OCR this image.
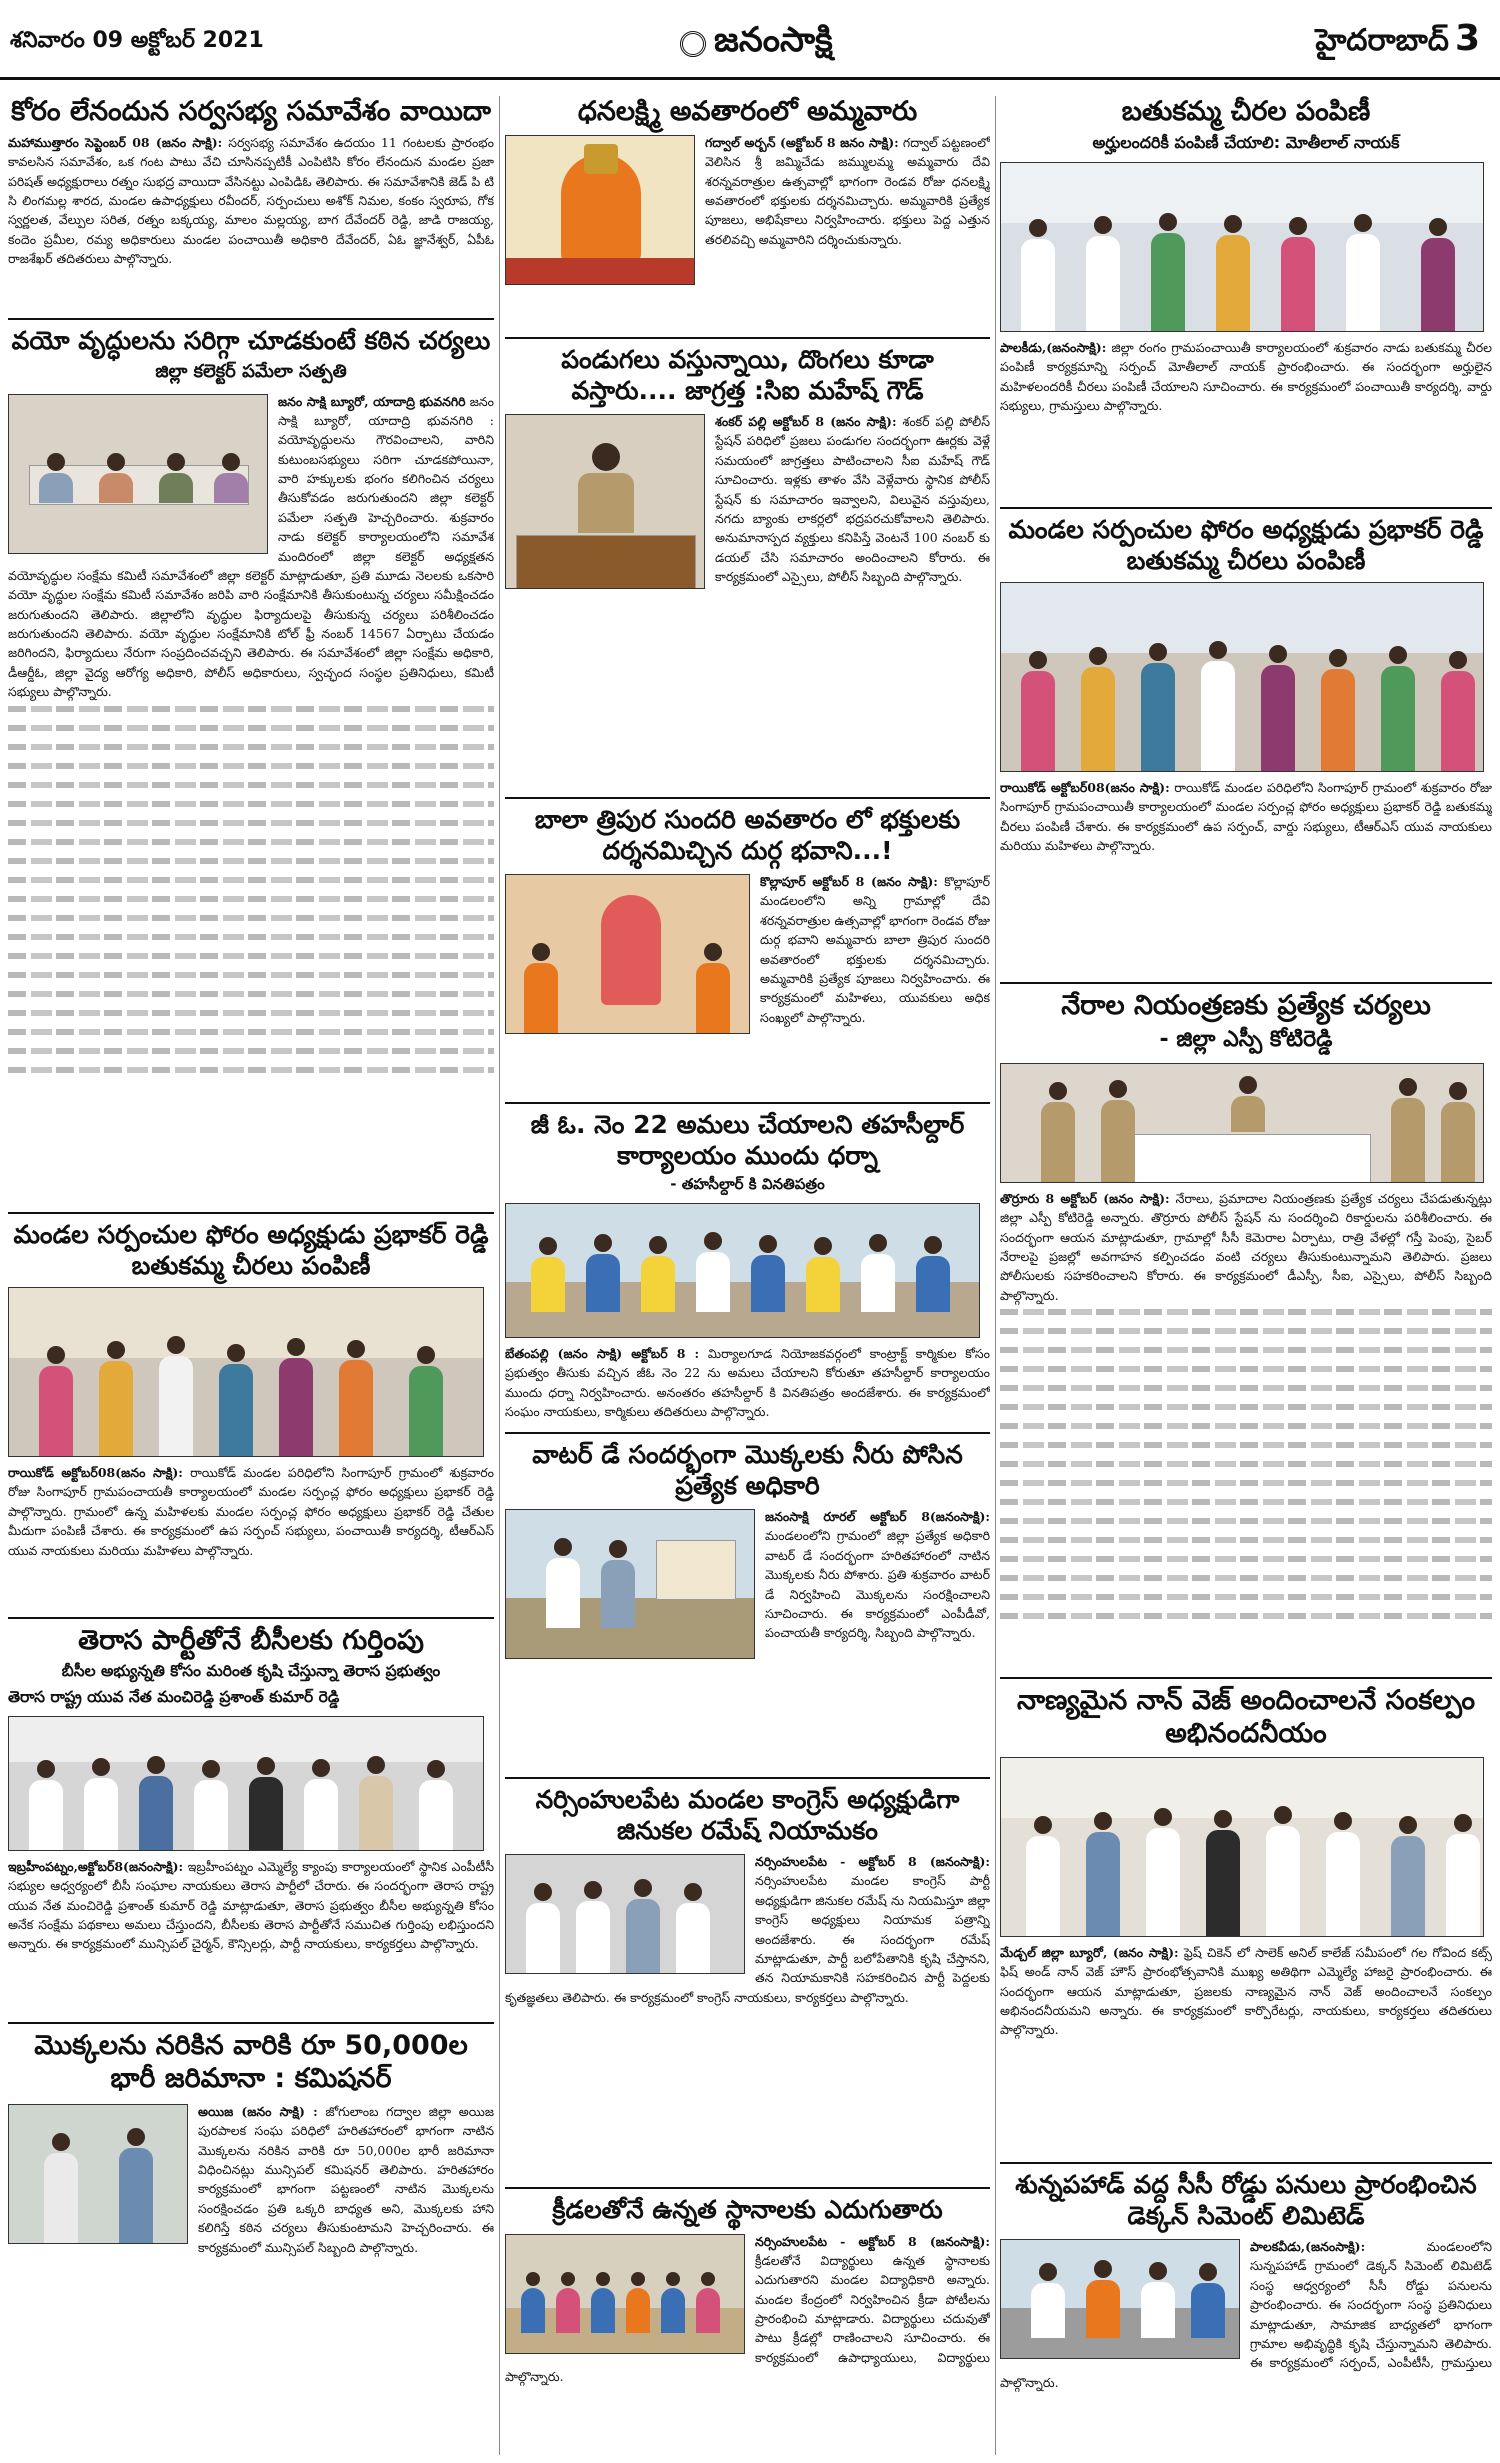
శనివారం 09 అక్టోబర్ 2021	జనంసాక్షి	హైదరాబాద్ 3
కోరం లేనందున సర్వసభ్య సమావేశం వాయిదా
మహాముత్తారం సెప్టెంబర్ 08 (జనం సాక్షి): సర్వసభ్య సమావేశం ఉదయం 11 గంటలకు ప్రారంభం కావలసిన సమావేశం, ఒక గంట పాటు వేచి చూసినప్పటికీ ఎంపిటిసి కోరం లేనందున మండల ప్రజా పరిషత్ అధ్యక్షురాలు రత్నం సుభద్ర వాయిదా వేసినట్టు ఎంపిడిఓ తెలిపారు. ఈ సమావేశానికి జెడ్ పి టి సి లింగమల్ల శారద, మండల ఉపాధ్యక్షులు రవీందర్, సర్పంచులు అశోక్ నిమల, కంకం స్వరూప, గోక స్వర్ణలత, వేల్పుల సరిత, రత్నం బక్కయ్య, మాలం మల్లయ్య, బాగ దేవేందర్ రెడ్డి, జాడి రాజయ్య, కందెం ప్రమీల, రమ్య అధికారులు మండల పంచాయితీ అధికారి దేవేందర్, ఏఓ జ్ఞానేశ్వర్, ఏపీఓ రాజశేఖర్ తదితరులు పాల్గొన్నారు.
వయో వృద్ధులను సరిగ్గా చూడకుంటే కఠిన చర్యలు
జిల్లా కలెక్టర్ పమేలా సత్పతి
జనం సాక్షి బ్యూరో, యాదాద్రి భువనగిరి జనం సాక్షి బ్యూరో, యాదాద్రి భువనగిరి : వయోవృద్ధులను గౌరవించాలని, వారిని కుటుంబసభ్యులు సరిగా చూడకపోయినా, వారి హక్కులకు భంగం కలిగించిన చర్యలు తీసుకోవడం జరుగుతుందని జిల్లా కలెక్టర్ పమేలా సత్పతి హెచ్చరించారు. శుక్రవారం నాడు కలెక్టర్ కార్యాలయంలోని సమావేశ మందిరంలో జిల్లా కలెక్టర్ అధ్యక్షతన వయోవృద్ధుల సంక్షేమ కమిటీ సమావేశంలో జిల్లా కలెక్టర్ మాట్లాడుతూ, ప్రతి మూడు నెలలకు ఒకసారి వయో వృద్ధుల సంక్షేమ కమిటీ సమావేశం జరిపి వారి సంక్షేమానికి తీసుకుంటున్న చర్యలు సమీక్షించడం జరుగుతుందని తెలిపారు. జిల్లాలోని వృద్ధుల ఫిర్యాదులపై తీసుకున్న చర్యలు పరిశీలించడం జరుగుతుందని తెలిపారు. వయో వృద్ధుల సంక్షేమానికి టోల్ ఫ్రీ నంబర్ 14567 ఏర్పాటు చేయడం జరిగిందని, ఫిర్యాదులు నేరుగా సంప్రదించవచ్చని తెలిపారు. ఈ సమావేశంలో జిల్లా సంక్షేమ అధికారి, డీఆర్డీఓ, జిల్లా వైద్య ఆరోగ్య అధికారి, పోలీస్ అధికారులు, స్వచ్ఛంద సంస్థల ప్రతినిధులు, కమిటీ సభ్యులు పాల్గొన్నారు.
మండల సర్పంచుల ఫోరం అధ్యక్షుడు ప్రభాకర్ రెడ్డి బతుకమ్మ చీరలు పంపిణీ
రాయికోడ్ అక్టోబర్08(జనం సాక్షి): రాయికోడ్ మండల పరిధిలోని సింగాపూర్ గ్రామంలో శుక్రవారం రోజు సింగాపూర్ గ్రామపంచాయతీ కార్యాలయంలో మండల సర్పంచ్ల ఫోరం అధ్యక్షులు ప్రభాకర్ రెడ్డి పాల్గొన్నారు. గ్రామంలో ఉన్న మహిళలకు మండల సర్పంచ్ల ఫోరం అధ్యక్షులు ప్రభాకర్ రెడ్డి చేతుల మీదుగా పంపిణీ చేశారు. ఈ కార్యక్రమంలో ఉప సర్పంచ్ సభ్యులు, పంచాయితీ కార్యదర్శి, టీఆర్ఎస్ యువ నాయకులు మరియు మహిళలు పాల్గొన్నారు.
తెరాస పార్టీతోనే బీసీలకు గుర్తింపు
బీసీల అభ్యున్నతి కోసం మరింత కృషి చేస్తున్నా తెరాస ప్రభుత్వం
తెరాస రాష్ట్ర యువ నేత మంచిరెడ్డి ప్రశాంత్ కుమార్ రెడ్డి
ఇబ్రహీంపట్నం,అక్టోబర్8(జనంసాక్షి): ఇబ్రహీంపట్నం ఎమ్మెల్యే క్యాంపు కార్యాలయంలో స్థానిక ఎంపీటీసీ సభ్యుల ఆధ్వర్యంలో బీసీ సంఘాల నాయకులు తెరాస పార్టీలో చేరారు. ఈ సందర్భంగా తెరాస రాష్ట్ర యువ నేత మంచిరెడ్డి ప్రశాంత్ కుమార్ రెడ్డి మాట్లాడుతూ, తెరాస ప్రభుత్వం బీసీల అభ్యున్నతి కోసం అనేక సంక్షేమ పథకాలు అమలు చేస్తుందని, బీసీలకు తెరాస పార్టీతోనే సముచిత గుర్తింపు లభిస్తుందని అన్నారు. ఈ కార్యక్రమంలో మున్సిపల్ చైర్మన్, కౌన్సిలర్లు, పార్టీ నాయకులు, కార్యకర్తలు పాల్గొన్నారు.
మొక్కలను నరికిన వారికి రూ 50,000ల భారీ జరిమానా : కమిషనర్
అయిజ (జనం సాక్షి) : జోగులాంబ గద్వాల జిల్లా అయిజ పురపాలక సంఘ పరిధిలో హరితహారంలో భాగంగా నాటిన మొక్కలను నరికిన వారికి రూ 50,000ల భారీ జరిమానా విధించినట్లు మున్సిపల్ కమిషనర్ తెలిపారు. హరితహారం కార్యక్రమంలో భాగంగా పట్టణంలో నాటిన మొక్కలను సంరక్షించడం ప్రతి ఒక్కరి బాధ్యత అని, మొక్కలకు హాని కలిగిస్తే కఠిన చర్యలు తీసుకుంటామని హెచ్చరించారు. ఈ కార్యక్రమంలో మున్సిపల్ సిబ్బంది పాల్గొన్నారు.
ధనలక్ష్మి అవతారంలో అమ్మవారు
గద్వాల్ అర్బన్ (అక్టోబర్ 8 జనం సాక్షి): గద్వాల్ పట్టణంలో వెలిసిన శ్రీ జమ్మిచేడు జమ్ములమ్మ అమ్మవారు దేవి శరన్నవరాత్రుల ఉత్సవాల్లో భాగంగా రెండవ రోజు ధనలక్ష్మి అవతారంలో భక్తులకు దర్శనమిచ్చారు. అమ్మవారికి ప్రత్యేక పూజలు, అభిషేకాలు నిర్వహించారు. భక్తులు పెద్ద ఎత్తున తరలివచ్చి అమ్మవారిని దర్శించుకున్నారు.
పండుగలు వస్తున్నాయి, దొంగలు కూడా వస్తారు.... జాగ్రత్త :సిఐ మహేష్ గౌడ్
శంకర్ పల్లి అక్టోబర్ 8 (జనం సాక్షి): శంకర్ పల్లి పోలీస్ స్టేషన్ పరిధిలో ప్రజలు పండుగల సందర్భంగా ఊర్లకు వెళ్లే సమయంలో జాగ్రత్తలు పాటించాలని సీఐ మహేష్ గౌడ్ సూచించారు. ఇళ్లకు తాళం వేసి వెళ్లేవారు స్థానిక పోలీస్ స్టేషన్ కు సమాచారం ఇవ్వాలని, విలువైన వస్తువులు, నగదు బ్యాంకు లాకర్లలో భద్రపరచుకోవాలని తెలిపారు. అనుమానాస్పద వ్యక్తులు కనిపిస్తే వెంటనే 100 నంబర్ కు డయల్ చేసి సమాచారం అందించాలని కోరారు. ఈ కార్యక్రమంలో ఎస్సైలు, పోలీస్ సిబ్బంది పాల్గొన్నారు.
బాలా త్రిపుర సుందరి అవతారం లో భక్తులకు దర్శనమిచ్చిన దుర్గ భవాని...!
కొల్లాపూర్ అక్టోబర్ 8 (జనం సాక్షి): కొల్లాపూర్ మండలంలోని అన్ని గ్రామాల్లో దేవి శరన్నవరాత్రుల ఉత్సవాల్లో భాగంగా రెండవ రోజు దుర్గ భవాని అమ్మవారు బాలా త్రిపుర సుందరి అవతారంలో భక్తులకు దర్శనమిచ్చారు. అమ్మవారికి ప్రత్యేక పూజలు నిర్వహించారు. ఈ కార్యక్రమంలో మహిళలు, యువకులు అధిక సంఖ్యలో పాల్గొన్నారు.
జీ ఓ. నెం 22 అమలు చేయాలని తహసీల్దార్ కార్యాలయం ముందు ధర్నా
- తహసీల్దార్ కి వినతిపత్రం
బేతంపల్లి (జనం సాక్షి) అక్టోబర్ 8 : మిర్యాలగూడ నియోజకవర్గంలో కాంట్రాక్ట్ కార్మికుల కోసం ప్రభుత్వం తీసుకు వచ్చిన జీఓ నెం 22 ను అమలు చేయాలని కోరుతూ తహసీల్దార్ కార్యాలయం ముందు ధర్నా నిర్వహించారు. అనంతరం తహసీల్దార్ కి వినతిపత్రం అందజేశారు. ఈ కార్యక్రమంలో సంఘం నాయకులు, కార్మికులు తదితరులు పాల్గొన్నారు.
వాటర్ డే సందర్భంగా మొక్కలకు నీరు పోసిన ప్రత్యేక అధికారి
జనంసాక్షి రూరల్ అక్టోబర్ 8(జనంసాక్షి): మండలంలోని గ్రామంలో జిల్లా ప్రత్యేక అధికారి వాటర్ డే సందర్భంగా హరితహారంలో నాటిన మొక్కలకు నీరు పోశారు. ప్రతి శుక్రవారం వాటర్ డే నిర్వహించి మొక్కలను సంరక్షించాలని సూచించారు. ఈ కార్యక్రమంలో ఎంపీడీవో, పంచాయతీ కార్యదర్శి, సిబ్బంది పాల్గొన్నారు.
నర్సింహులపేట మండల కాంగ్రెస్ అధ్యక్షుడిగా జినుకల రమేష్ నియామకం
నర్సింహులపేట - అక్టోబర్ 8 (జనంసాక్షి): నర్సింహులపేట మండల కాంగ్రెస్ పార్టీ అధ్యక్షుడిగా జినుకల రమేష్ ను నియమిస్తూ జిల్లా కాంగ్రెస్ అధ్యక్షులు నియామక పత్రాన్ని అందజేశారు. ఈ సందర్భంగా రమేష్ మాట్లాడుతూ, పార్టీ బలోపేతానికి కృషి చేస్తానని, తన నియామకానికి సహకరించిన పార్టీ పెద్దలకు కృతజ్ఞతలు తెలిపారు. ఈ కార్యక్రమంలో కాంగ్రెస్ నాయకులు, కార్యకర్తలు పాల్గొన్నారు.
క్రీడలతోనే ఉన్నత స్థానాలకు ఎదుగుతారు
నర్సింహులపేట - అక్టోబర్ 8 (జనంసాక్షి): క్రీడలతోనే విద్యార్థులు ఉన్నత స్థానాలకు ఎదుగుతారని మండల విద్యాధికారి అన్నారు. మండల కేంద్రంలో నిర్వహించిన క్రీడా పోటీలను ప్రారంభించి మాట్లాడారు. విద్యార్థులు చదువుతో పాటు క్రీడల్లో రాణించాలని సూచించారు. ఈ కార్యక్రమంలో ఉపాధ్యాయులు, విద్యార్థులు పాల్గొన్నారు.
బతుకమ్మ చీరల పంపిణీ
అర్హులందరికీ పంపిణీ చేయాలి: మోతీలాల్ నాయక్
పాలకీడు,(జనంసాక్షి): జిల్లా రంగం గ్రామపంచాయితీ కార్యాలయంలో శుక్రవారం నాడు బతుకమ్మ చీరల పంపిణీ కార్యక్రమాన్ని సర్పంచ్ మోతీలాల్ నాయక్ ప్రారంభించారు. ఈ సందర్భంగా అర్హులైన మహిళలందరికీ చీరలు పంపిణీ చేయాలని సూచించారు. ఈ కార్యక్రమంలో పంచాయితీ కార్యదర్శి, వార్డు సభ్యులు, గ్రామస్తులు పాల్గొన్నారు.
మండల సర్పంచుల ఫోరం అధ్యక్షుడు ప్రభాకర్ రెడ్డి బతుకమ్మ చీరలు పంపిణీ
రాయికోడ్ అక్టోబర్08(జనం సాక్షి): రాయికోడ్ మండల పరిధిలోని సింగాపూర్ గ్రామంలో శుక్రవారం రోజు సింగాపూర్ గ్రామపంచాయితీ కార్యాలయంలో మండల సర్పంచ్ల ఫోరం అధ్యక్షులు ప్రభాకర్ రెడ్డి బతుకమ్మ చీరలు పంపిణీ చేశారు. ఈ కార్యక్రమంలో ఉప సర్పంచ్, వార్డు సభ్యులు, టీఆర్ఎస్ యువ నాయకులు మరియు మహిళలు పాల్గొన్నారు.
నేరాల నియంత్రణకు ప్రత్యేక చర్యలు
- జిల్లా ఎస్పీ కోటిరెడ్డి
తొర్రూరు 8 అక్టోబర్ (జనం సాక్షి): నేరాలు, ప్రమాదాల నియంత్రణకు ప్రత్యేక చర్యలు చేపడుతున్నట్లు జిల్లా ఎస్పీ కోటిరెడ్డి అన్నారు. తొర్రూరు పోలీస్ స్టేషన్ ను సందర్శించి రికార్డులను పరిశీలించారు. ఈ సందర్భంగా ఆయన మాట్లాడుతూ, గ్రామాల్లో సీసీ కెమెరాల ఏర్పాటు, రాత్రి వేళల్లో గస్తీ పెంపు, సైబర్ నేరాలపై ప్రజల్లో అవగాహన కల్పించడం వంటి చర్యలు తీసుకుంటున్నామని తెలిపారు. ప్రజలు పోలీసులకు సహకరించాలని కోరారు. ఈ కార్యక్రమంలో డీఎస్పీ, సీఐ, ఎస్సైలు, పోలీస్ సిబ్బంది పాల్గొన్నారు.
నాణ్యమైన నాన్ వెజ్ అందించాలనే సంకల్పం అభినందనీయం
మేడ్చల్ జిల్లా బ్యూరో, (జనం సాక్షి): ఫ్రెష్ చికెన్ లో సాలెక్ అనిల్ కాలేజ్ సమీపంలో గల గోవింద కట్స్ ఫిష్ అండ్ నాన్ వెజ్ హౌస్ ప్రారంభోత్సవానికి ముఖ్య అతిథిగా ఎమ్మెల్యే హాజరై ప్రారంభించారు. ఈ సందర్భంగా ఆయన మాట్లాడుతూ, ప్రజలకు నాణ్యమైన నాన్ వెజ్ అందించాలనే సంకల్పం అభినందనీయమని అన్నారు. ఈ కార్యక్రమంలో కార్పొరేటర్లు, నాయకులు, కార్యకర్తలు తదితరులు పాల్గొన్నారు.
శున్నపహాడ్ వద్ద సీసీ రోడ్డు పనులు ప్రారంభించిన డెక్కన్ సిమెంట్ లిమిటెడ్
పాలకవీడు,(జనంసాక్షి):	మండలంలోని సున్నపహాడ్ గ్రామంలో డెక్కన్ సిమెంట్ లిమిటెడ్ సంస్థ ఆధ్వర్యంలో సీసీ రోడ్డు పనులను ప్రారంభించారు. ఈ సందర్భంగా సంస్థ ప్రతినిధులు మాట్లాడుతూ, సామాజిక బాధ్యతలో భాగంగా గ్రామాల అభివృద్ధికి కృషి చేస్తున్నామని తెలిపారు. ఈ కార్యక్రమంలో సర్పంచ్, ఎంపీటీసీ, గ్రామస్తులు పాల్గొన్నారు.
